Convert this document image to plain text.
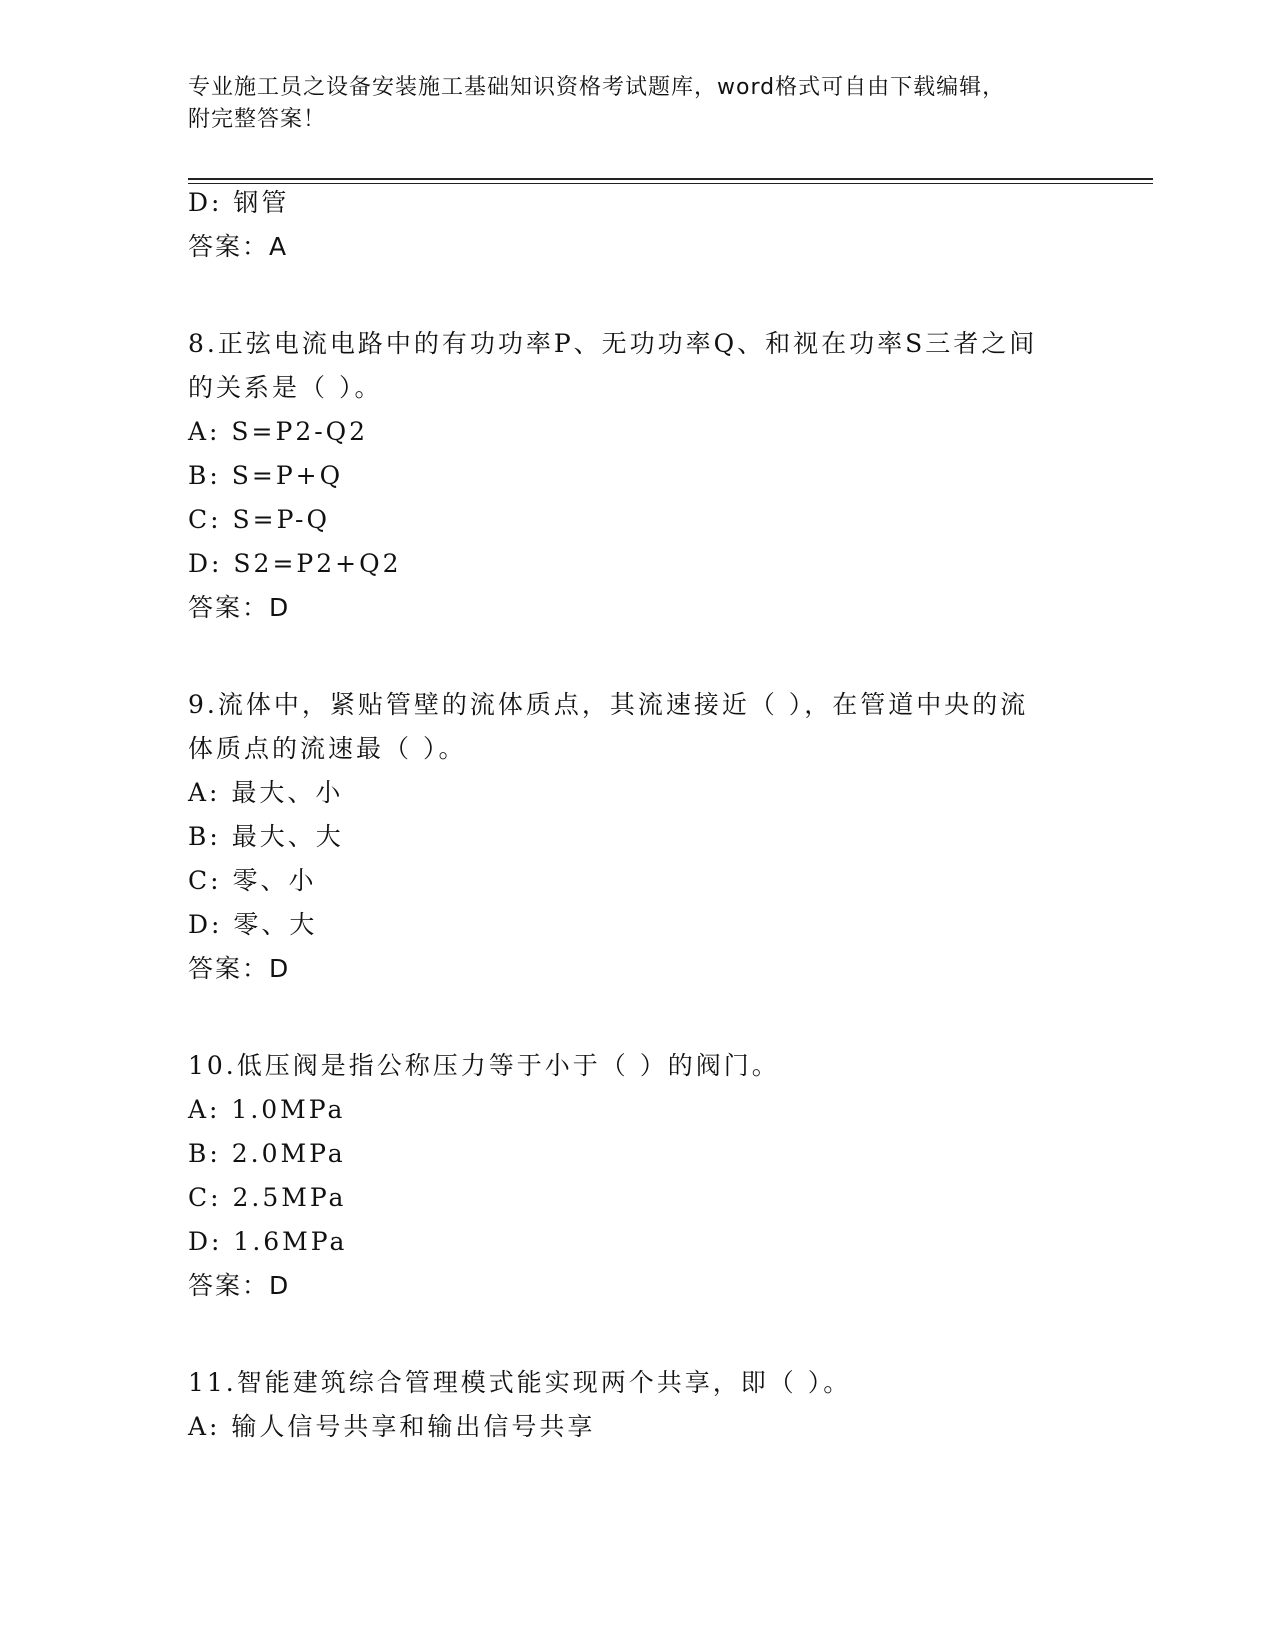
专业施工员之设备安装施工基础知识资格考试题库，word格式可自由下载编辑，
附完整答案！
D: 钢管
答案：A
8.正弦电流电路中的有功功率P、无功功率Q、和视在功率S三者之间
的关系是（ ）。
A: S=P2-Q2
B: S=P+Q
C: S=P-Q
D: S2=P2+Q2
答案：D
9.流体中，紧贴管壁的流体质点，其流速接近（ ），在管道中央的流
体质点的流速最（ ）。
A: 最大、小
B: 最大、大
C: 零、小
D: 零、大
答案：D
10.低压阀是指公称压力等于小于（ ）的阀门。
A: 1.0MPa
B: 2.0MPa
C: 2.5MPa
D: 1.6MPa
答案：D
11.智能建筑综合管理模式能实现两个共享，即（ ）。
A: 输人信号共享和输出信号共享
